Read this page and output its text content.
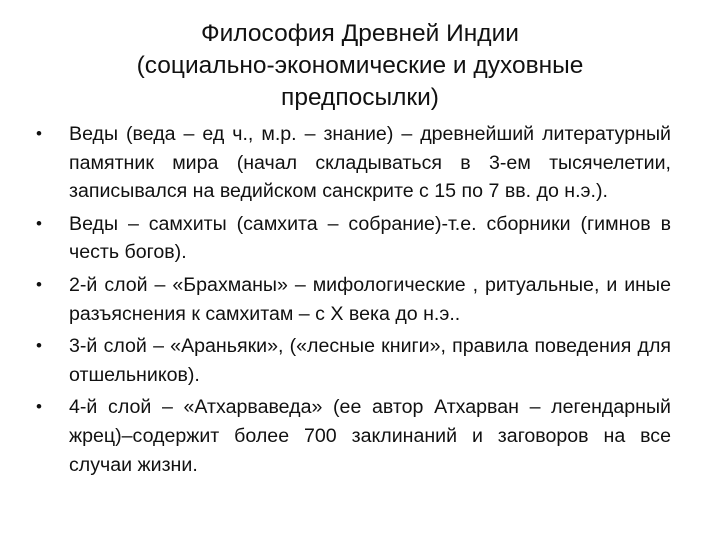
Философия Древней Индии
(социально-экономические и духовные
предпосылки)
•	Веды (веда – ед ч., м.р. – знание) – древнейший литературный памятник мира (начал складываться в 3-ем тысячелетии, записывался на ведийском санскрите с 15 по 7 вв. до н.э.).
•	Веды – самхиты (самхита – собрание)-т.е. сборники (гимнов в честь богов).
•	2-й слой – «Брахманы» – мифологические , ритуальные, и иные разъяснения к самхитам – с X века до н.э..
•	3-й слой – «Араньяки», («лесные книги», правила поведения для отшельников).
•	4-й слой – «Атхарваведа» (ее автор Атхарван – легендарный жрец)–содержит более 700 заклинаний и заговоров на все случаи жизни.
